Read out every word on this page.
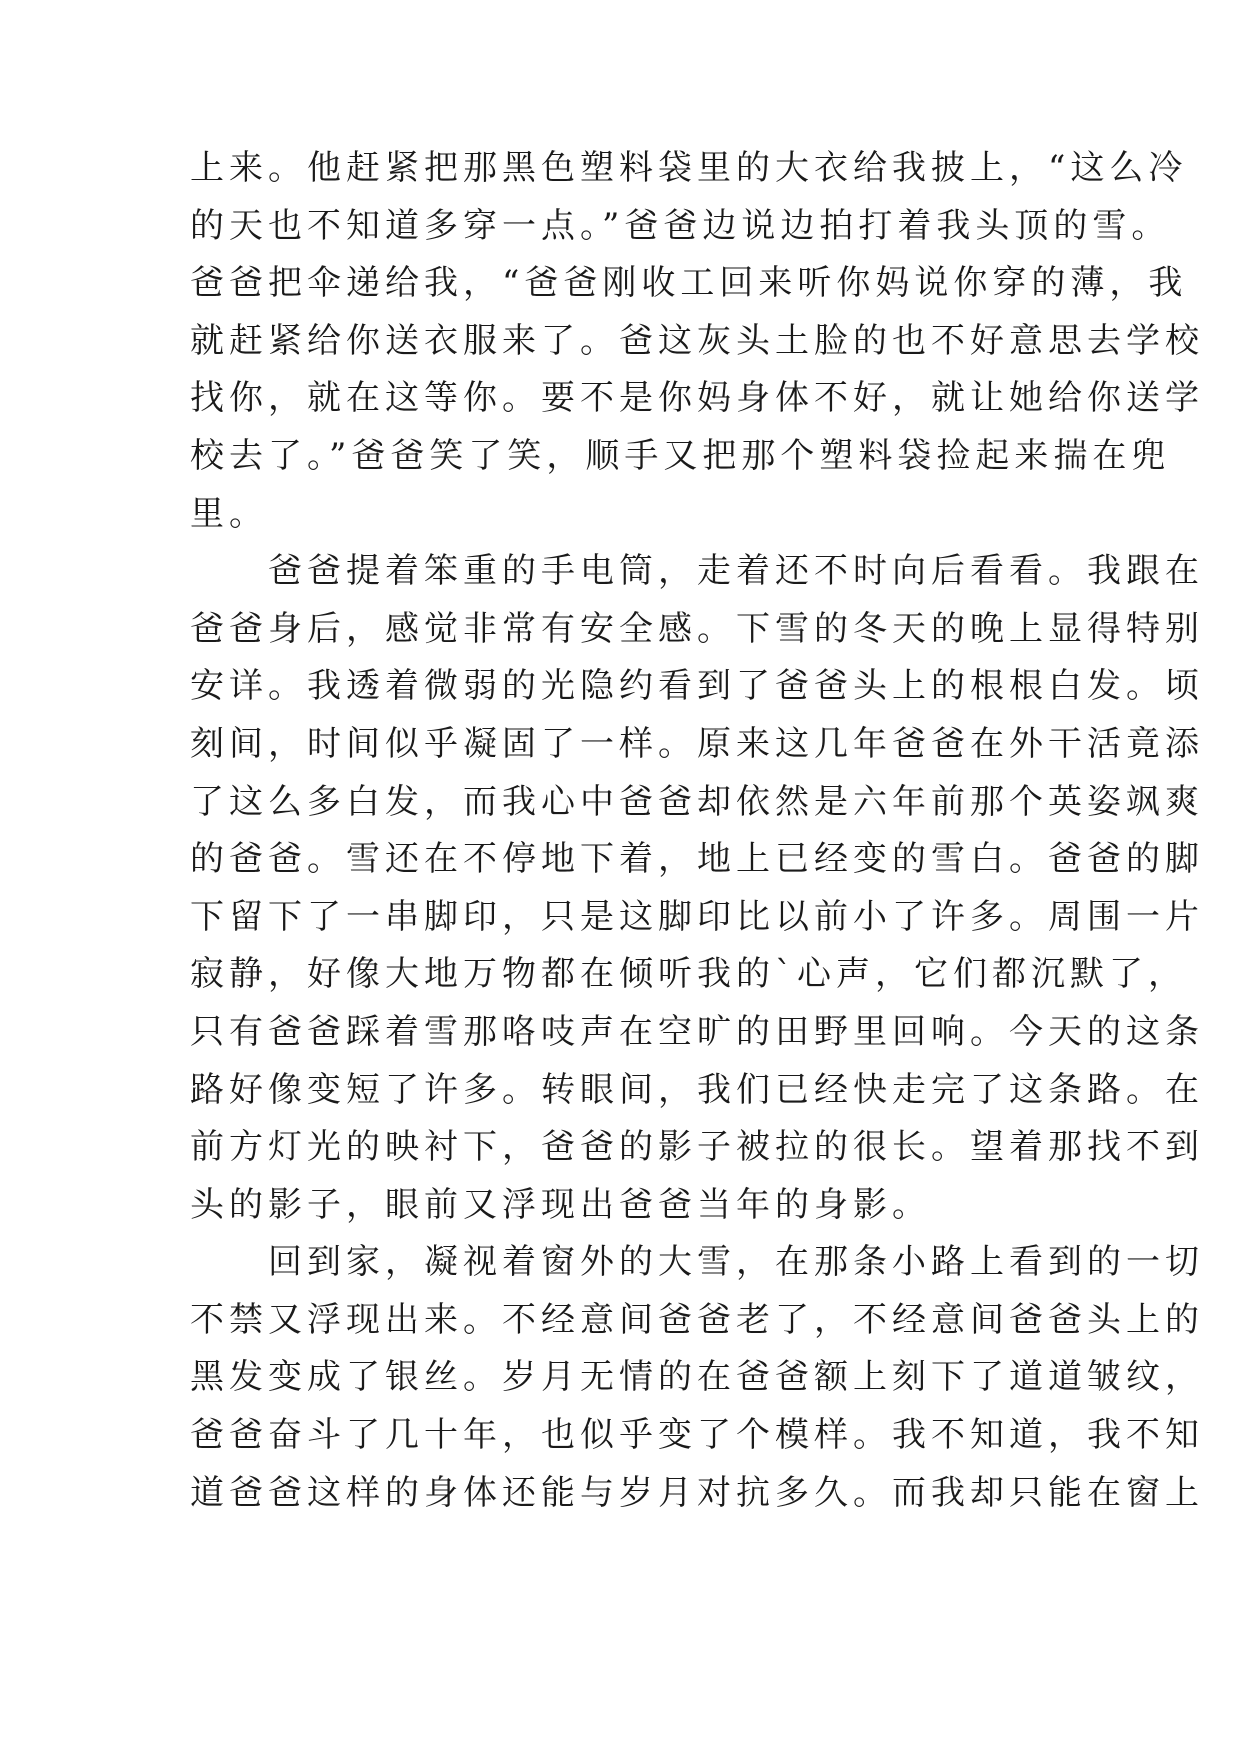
上来。他赶紧把那黑色塑料袋里的大衣给我披上，“这么冷
的天也不知道多穿一点。”爸爸边说边拍打着我头顶的雪。
爸爸把伞递给我，“爸爸刚收工回来听你妈说你穿的薄，我
就赶紧给你送衣服来了。爸这灰头土脸的也不好意思去学校
找你，就在这等你。要不是你妈身体不好，就让她给你送学
校去了。”爸爸笑了笑，顺手又把那个塑料袋捡起来揣在兜
里。
　　爸爸提着笨重的手电筒，走着还不时向后看看。我跟在
爸爸身后，感觉非常有安全感。下雪的冬天的晚上显得特别
安详。我透着微弱的光隐约看到了爸爸头上的根根白发。顷
刻间，时间似乎凝固了一样。原来这几年爸爸在外干活竟添
了这么多白发，而我心中爸爸却依然是六年前那个英姿飒爽
的爸爸。雪还在不停地下着，地上已经变的雪白。爸爸的脚
下留下了一串脚印，只是这脚印比以前小了许多。周围一片
寂静，好像大地万物都在倾听我的`心声，它们都沉默了，
只有爸爸踩着雪那咯吱声在空旷的田野里回响。今天的这条
路好像变短了许多。转眼间，我们已经快走完了这条路。在
前方灯光的映衬下，爸爸的影子被拉的很长。望着那找不到
头的影子，眼前又浮现出爸爸当年的身影。
　　回到家，凝视着窗外的大雪，在那条小路上看到的一切
不禁又浮现出来。不经意间爸爸老了，不经意间爸爸头上的
黑发变成了银丝。岁月无情的在爸爸额上刻下了道道皱纹，
爸爸奋斗了几十年，也似乎变了个模样。我不知道，我不知
道爸爸这样的身体还能与岁月对抗多久。而我却只能在窗上
